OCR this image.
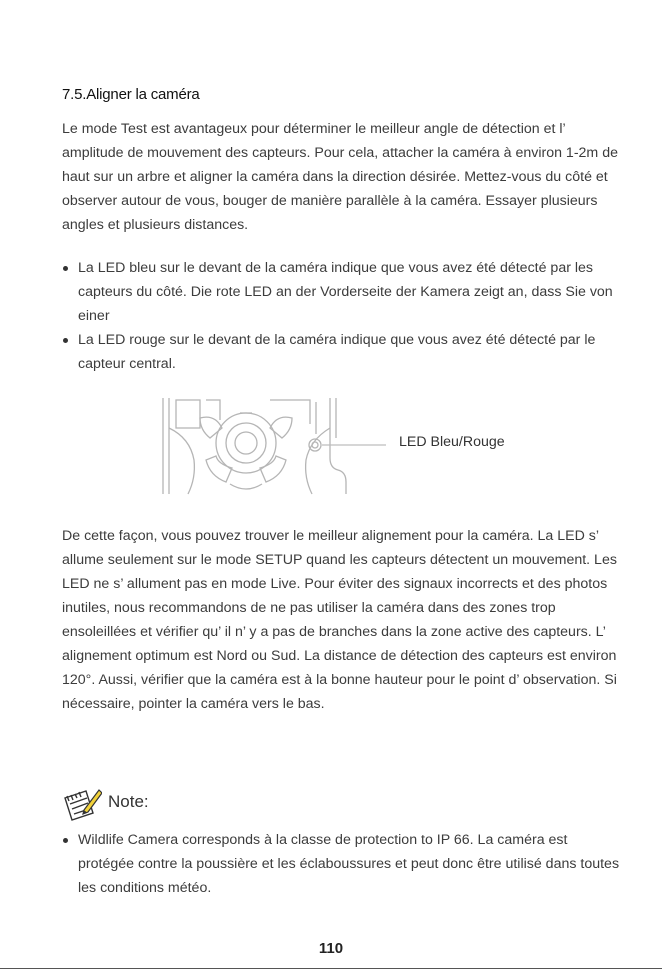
7.5.Aligner la caméra

Le mode Test est avantageux pour déterminer le meilleur angle de détection et l’ amplitude de mouvement des capteurs. Pour cela, attacher la caméra à environ 1-2m de haut sur un arbre et aligner la caméra dans la direction désirée. Mettez-vous du côté et observer autour de vous, bouger de manière parallèle à la caméra. Essayer plusieurs angles et plusieurs distances.

La LED bleu sur le devant de la caméra indique que vous avez été détecté par les capteurs du côté. Die rote LED an der Vorderseite der Kamera zeigt an, dass Sie von einer
La LED rouge sur le devant de la caméra indique que vous avez été détecté par le capteur central.
LED Bleu/Rouge

De cette façon, vous pouvez trouver le meilleur alignement pour la caméra. La LED s’ allume seulement sur le mode SETUP quand les capteurs détectent un mouvement. Les LED ne s’ allument pas en mode Live. Pour éviter des signaux incorrects et des photos inutiles, nous recommandons de ne pas utiliser la caméra dans des zones trop ensoleillées et vérifier qu’ il n’ y a pas de branches dans la zone active des capteurs. L’ alignement optimum est Nord ou Sud. La distance de détection des capteurs est environ 120°. Aussi, vérifier que la caméra est à la bonne hauteur pour le point d’ observation. Si nécessaire, pointer la caméra vers le bas.

Note:
Wildlife Camera corresponds à la classe de protection to IP 66. La caméra est protégée contre la poussière et les éclaboussures et peut donc être utilisé dans toutes les conditions météo.
110
